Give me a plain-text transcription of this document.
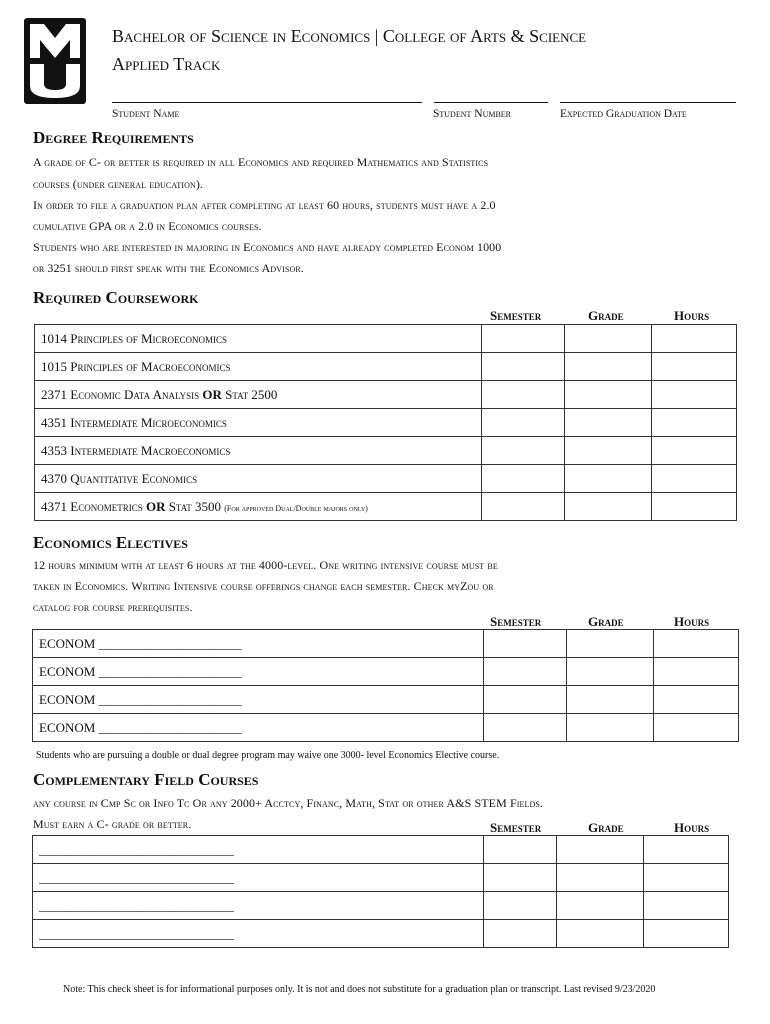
Bachelor of Science in Economics | College of Arts & Science
Applied Track
Student Name	Student Number	Expected Graduation Date
Degree Requirements
A grade of C- or better is required in all Economics and required Mathematics and Statistics
courses (under general education).
In order to file a graduation plan after completing at least 60 hours, students must have a 2.0
cumulative GPA or a 2.0 in Economics courses.
Students who are interested in majoring in Economics and have already completed Econom 1000
or 3251 should first speak with the Economics Advisor.
Required Coursework
Semester	Grade	Hours
1014 Principles of Microeconomics			
1015 Principles of Macroeconomics			
2371 Economic Data Analysis OR Stat 2500			
4351 Intermediate Microeconomics			
4353 Intermediate Macroeconomics			
4370 Quantitative Economics			
4371 Econometrics OR Stat 3500 (For approved Dual/Double majors only)			
Economics Electives
12 hours minimum with at least 6 hours at the 4000-level. One writing intensive course must be
taken in Economics. Writing Intensive course offerings change each semester. Check myZou or
catalog for course prerequisites.
Semester	Grade	Hours
ECONOM ______________________			
ECONOM ______________________			
ECONOM ______________________			
ECONOM ______________________			
Students who are pursuing a double or dual degree program may waive one 3000- level Economics Elective course.
Complementary Field Courses
any course in Cmp Sc or Info Tc Or any 2000+ Acctcy, Financ, Math, Stat or other A&S STEM Fields.
Must earn a C- grade or better.	Semester	Grade	Hours
______________________________			
______________________________			
______________________________			
______________________________			
Note: This check sheet is for informational purposes only. It is not and does not substitute for a graduation plan or transcript. Last revised 9/23/2020
